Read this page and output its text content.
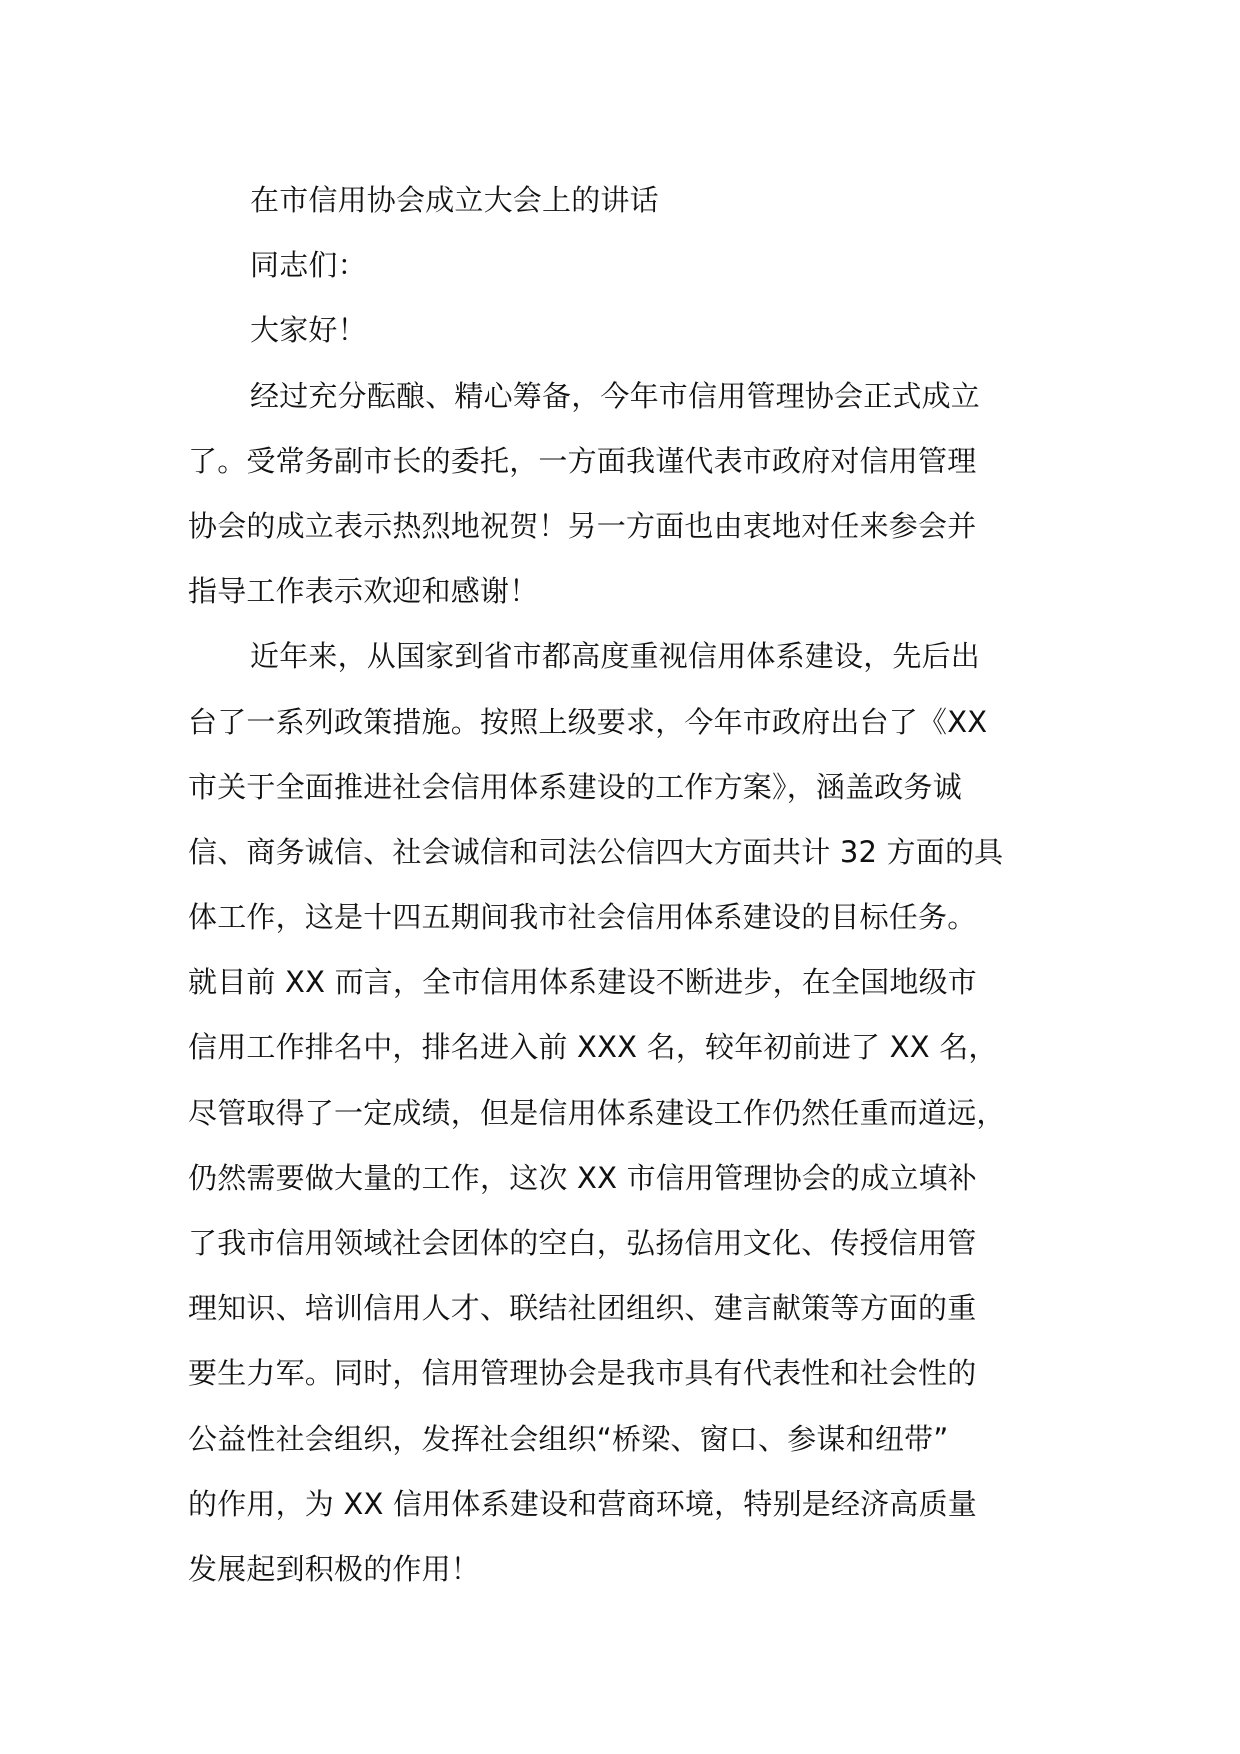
在市信用协会成立大会上的讲话
同志们：
大家好！
经过充分酝酿、精心筹备，今年市信用管理协会正式成立
了。受常务副市长的委托，一方面我谨代表市政府对信用管理
协会的成立表示热烈地祝贺！另一方面也由衷地对任来参会并
指导工作表示欢迎和感谢！
近年来，从国家到省市都高度重视信用体系建设，先后出
台了一系列政策措施。按照上级要求，今年市政府出台了《XX
市关于全面推进社会信用体系建设的工作方案》，涵盖政务诚
信、商务诚信、社会诚信和司法公信四大方面共计 32 方面的具
体工作，这是十四五期间我市社会信用体系建设的目标任务。
就目前 XX 而言，全市信用体系建设不断进步，在全国地级市
信用工作排名中，排名进入前 XXX 名，较年初前进了 XX 名，
尽管取得了一定成绩，但是信用体系建设工作仍然任重而道远，
仍然需要做大量的工作，这次 XX 市信用管理协会的成立填补
了我市信用领域社会团体的空白，弘扬信用文化、传授信用管
理知识、培训信用人才、联结社团组织、建言献策等方面的重
要生力军。同时，信用管理协会是我市具有代表性和社会性的
公益性社会组织，发挥社会组织“桥梁、窗口、参谋和纽带”
的作用，为 XX 信用体系建设和营商环境，特别是经济高质量
发展起到积极的作用！
